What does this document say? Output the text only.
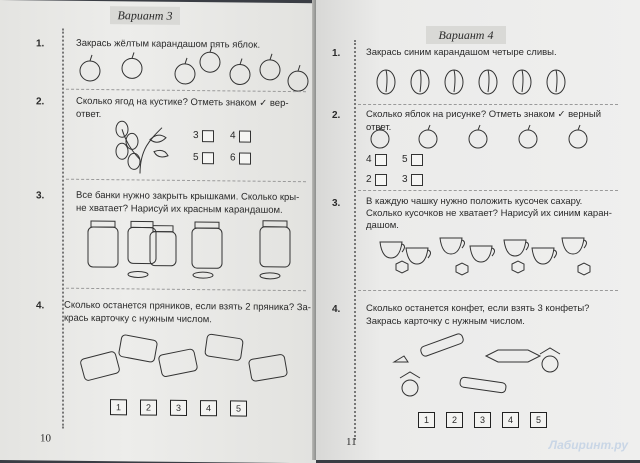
Вариант 3
1.	Закрась жёлтым карандашом пять яблок.
2.	Сколько ягод на кустике? Отметь знаком ✓ вер-
ответ.
3	4
5	6
3.	Все банки нужно закрыть крышками. Сколько кры-
не хватает? Нарисуй их красным карандашом.
4. Сколько останется пряников, если взять 2 пряника? За-
крась карточку с нужным числом.
1	2	3	4	5
10
Вариант 4
1.	Закрась синим карандашом четыре сливы.
2.	Сколько яблок на рисунке? Отметь знаком ✓ верный
ответ.
4	5
2	3
3.	В каждую чашку нужно положить кусочек сахару.
Сколько кусочков не хватает? Нарисуй их синим каран-
дашом.
4.	Сколько останется конфет, если взять 3 конфеты?
Закрась карточку с нужным числом.
1	2	3	4	5
11	Лабиринт.ру
